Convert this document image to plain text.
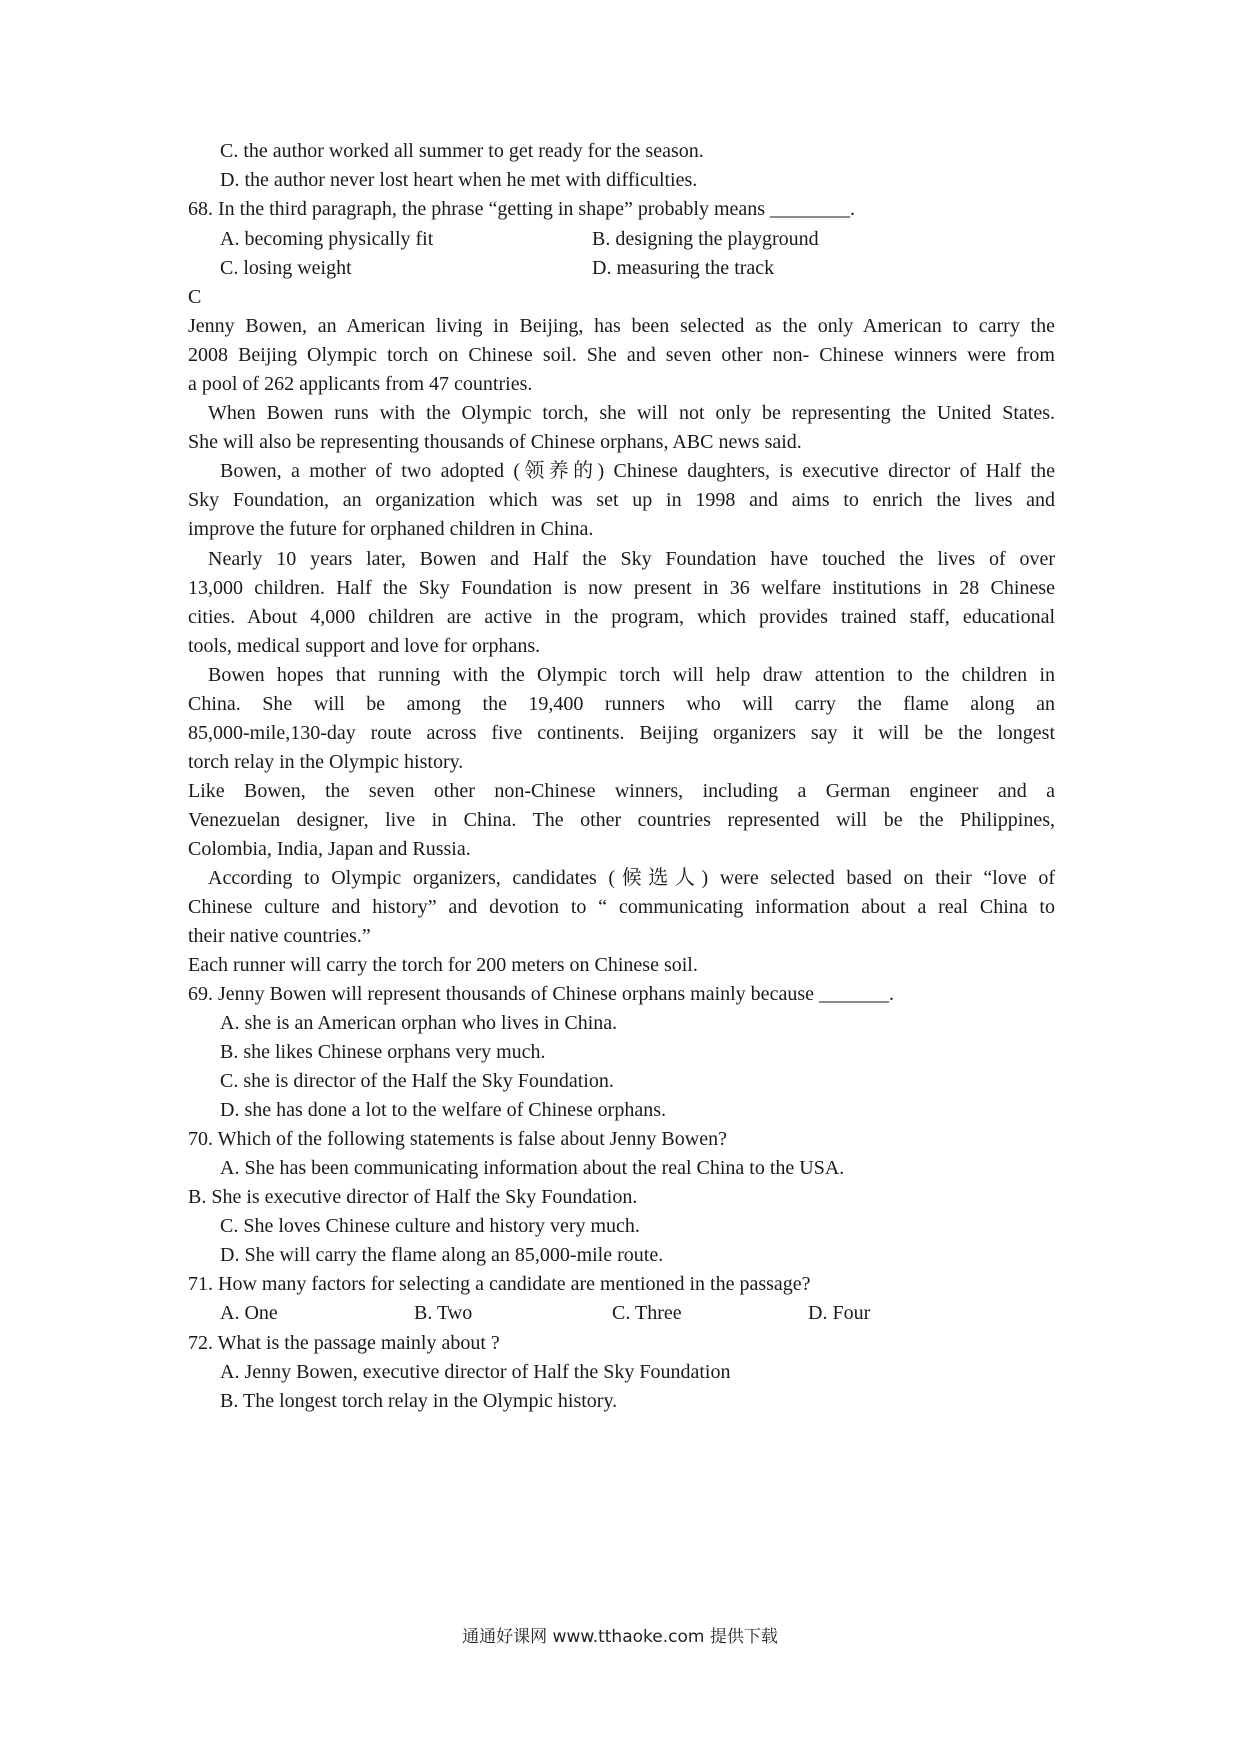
C. the author worked all summer to get ready for the season.
D. the author never lost heart when he met with difficulties.
68. In the third paragraph, the phrase “getting in shape” probably means ________.
A. becoming physically fit	B. designing the playground
C. losing weight	D. measuring the track
C
Jenny Bowen, an American living in Beijing, has been selected as the only American to carry the
2008 Beijing Olympic torch on Chinese soil. She and seven other non- Chinese winners were from
a pool of 262 applicants from 47 countries.
When Bowen runs with the Olympic torch, she will not only be representing the United States.
She will also be representing thousands of Chinese orphans, ABC news said.
Bowen, a mother of two adopted (领养的) Chinese daughters, is executive director of Half the
Sky Foundation, an organization which was set up in 1998 and aims to enrich the lives and
improve the future for orphaned children in China.
Nearly 10 years later, Bowen and Half the Sky Foundation have touched the lives of over
13,000 children. Half the Sky Foundation is now present in 36 welfare institutions in 28 Chinese
cities. About 4,000 children are active in the program, which provides trained staff, educational
tools, medical support and love for orphans.
Bowen hopes that running with the Olympic torch will help draw attention to the children in
China. She will be among the 19,400 runners who will carry the flame along an
85,000-mile,130-day route across five continents. Beijing organizers say it will be the longest
torch relay in the Olympic history.
Like Bowen, the seven other non-Chinese winners, including a German engineer and a
Venezuelan designer, live in China. The other countries represented will be the Philippines,
Colombia, India, Japan and Russia.
According to Olympic organizers, candidates (候选人) were selected based on their “love of
Chinese culture and history” and devotion to “ communicating information about a real China to
their native countries.”
Each runner will carry the torch for 200 meters on Chinese soil.
69. Jenny Bowen will represent thousands of Chinese orphans mainly because _______.
A. she is an American orphan who lives in China.
B. she likes Chinese orphans very much.
C. she is director of the Half the Sky Foundation.
D. she has done a lot to the welfare of Chinese orphans.
70. Which of the following statements is false about Jenny Bowen?
A. She has been communicating information about the real China to the USA.
B. She is executive director of Half the Sky Foundation.
C. She loves Chinese culture and history very much.
D. She will carry the flame along an 85,000-mile route.
71. How many factors for selecting a candidate are mentioned in the passage?
A. One	B. Two	C. Three	D. Four
72. What is the passage mainly about ?
A. Jenny Bowen, executive director of Half the Sky Foundation
B. The longest torch relay in the Olympic history.
通通好课网 www.tthaoke.com 提供下载
